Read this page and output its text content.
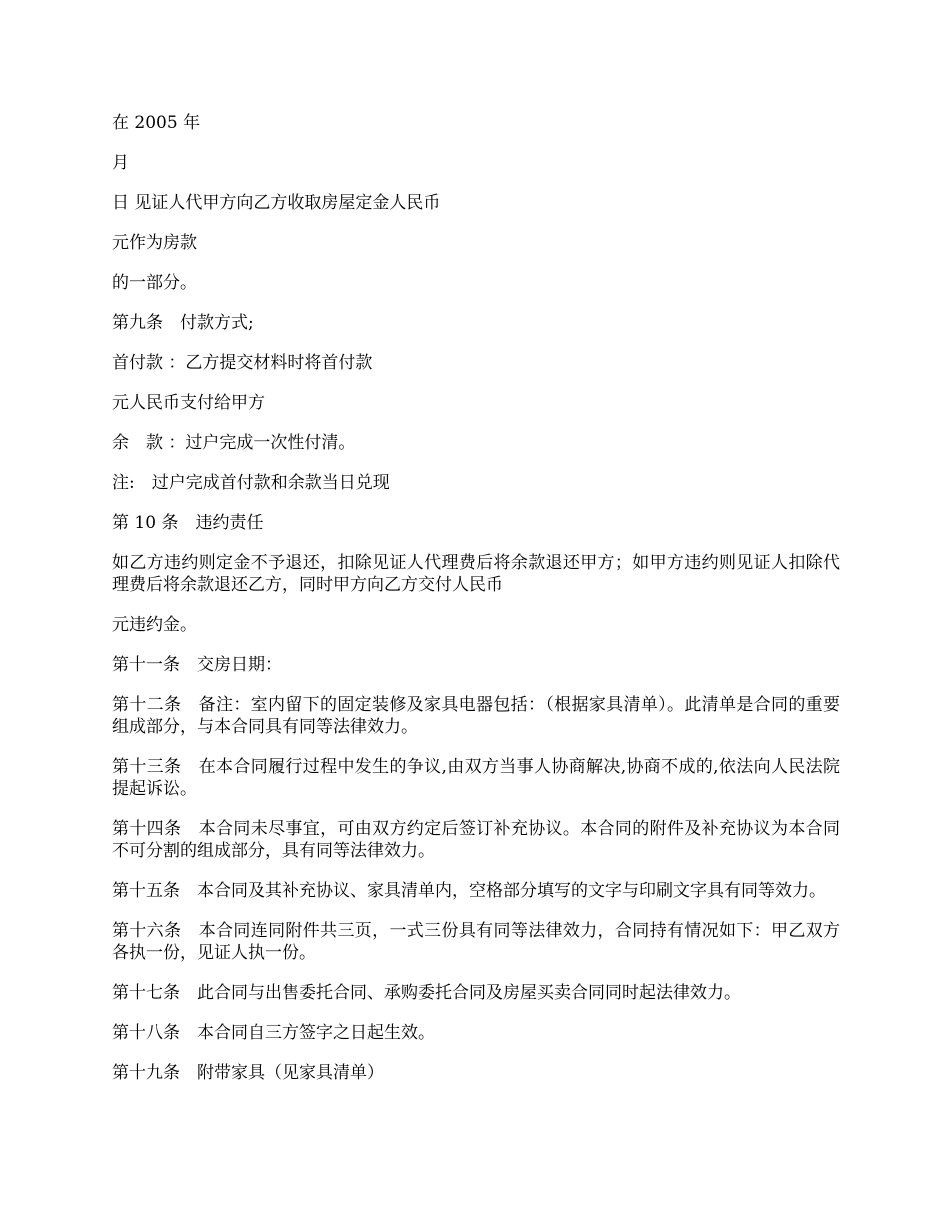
在 2005 年

月

日 见证人代甲方向乙方收取房屋定金人民币

元作为房款

的一部分。

第九条　付款方式;

首付款 ：乙方提交材料时将首付款

元人民币支付给甲方

余　款 ：过户完成一次性付清。

注:　过户完成首付款和余款当日兑现

第 10 条　违约责任

如乙方违约则定金不予退还，扣除见证人代理费后将余款退还甲方；如甲方违约则见证人扣除代理费后将余款退还乙方，同时甲方向乙方交付人民币

元违约金。

第十一条　交房日期：

第十二条　备注：室内留下的固定装修及家具电器包括：（根据家具清单）。此清单是合同的重要组成部分，与本合同具有同等法律效力。

第十三条　在本合同履行过程中发生的争议,由双方当事人协商解决,协商不成的,依法向人民法院提起诉讼。

第十四条　本合同未尽事宜，可由双方约定后签订补充协议。本合同的附件及补充协议为本合同不可分割的组成部分，具有同等法律效力。

第十五条　本合同及其补充协议、家具清单内，空格部分填写的文字与印刷文字具有同等效力。

第十六条　本合同连同附件共三页，一式三份具有同等法律效力，合同持有情况如下：甲乙双方各执一份，见证人执一份。

第十七条　此合同与出售委托合同、承购委托合同及房屋买卖合同同时起法律效力。

第十八条　本合同自三方签字之日起生效。

第十九条　附带家具（见家具清单）
